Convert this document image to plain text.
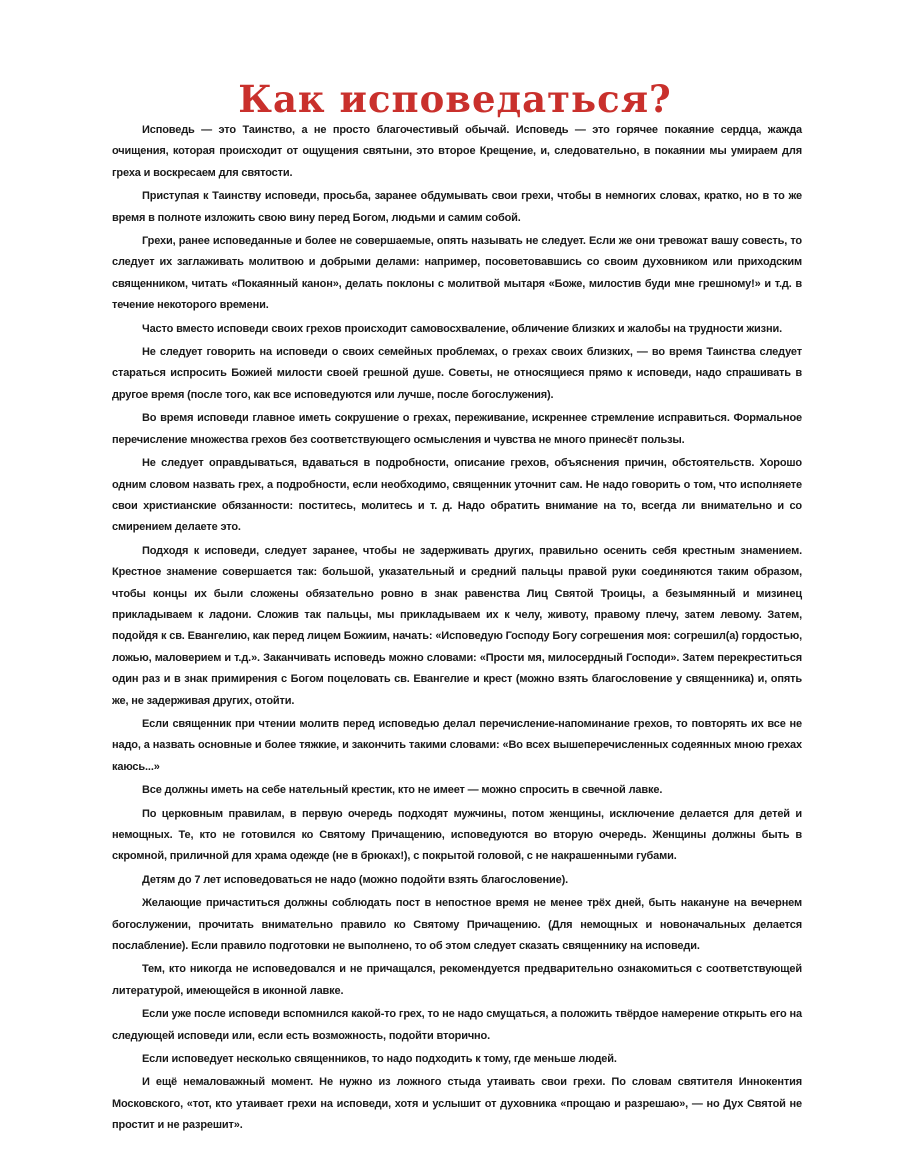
Как исповедаться?

Исповедь — это Таинство, а не просто благочестивый обычай. Исповедь — это горячее покаяние сердца, жажда очищения, которая происходит от ощущения святыни, это второе Крещение, и, следовательно, в покаянии мы умираем для греха и воскресаем для святости.

Приступая к Таинству исповеди, просьба, заранее обдумывать свои грехи, чтобы в немногих словах, кратко, но в то же время в полноте изложить свою вину перед Богом, людьми и самим собой.

Грехи, ранее исповеданные и более не совершаемые, опять называть не следует. Если же они тревожат вашу совесть, то следует их заглаживать молитвою и добрыми делами: например, посоветовавшись со своим духовником или приходским священником, читать «Покаянный канон», делать поклоны с молитвой мытаря «Боже, милостив буди мне грешному!» и т.д. в течение некоторого времени.

Часто вместо исповеди своих грехов происходит самовосхваление, обличение близких и жалобы на трудности жизни.

Не следует говорить на исповеди о своих семейных проблемах, о грехах своих близких, — во время Таинства следует стараться испросить Божией милости своей грешной душе. Советы, не относящиеся прямо к исповеди, надо спрашивать в другое время (после того, как все исповедуются или лучше, после богослужения).

Во время исповеди главное иметь сокрушение о грехах, переживание, искреннее стремление исправиться. Формальное перечисление множества грехов без соответствующего осмысления и чувства не много принесёт пользы.

Не следует оправдываться, вдаваться в подробности, описание грехов, объяснения причин, обстоятельств. Хорошо одним словом назвать грех, а подробности, если необходимо, священник уточнит сам. Не надо говорить о том, что исполняете свои христианские обязанности: поститесь, молитесь и т. д. Надо обратить внимание на то, всегда ли внимательно и со смирением делаете это.

Подходя к исповеди, следует заранее, чтобы не задерживать других, правильно осенить себя крестным знамением. Крестное знамение совершается так: большой, указательный и средний пальцы правой руки соединяются таким образом, чтобы концы их были сложены обязательно ровно в знак равенства Лиц Святой Троицы, а безымянный и мизинец прикладываем к ладони. Сложив так пальцы, мы прикладываем их к челу, животу, правому плечу, затем левому. Затем, подойдя к св. Евангелию, как перед лицем Божиим, начать: «Исповедую Господу Богу согрешения моя: согрешил(а) гордостью, ложью, маловерием и т.д.». Заканчивать исповедь можно словами: «Прости мя, милосердный Господи». Затем перекреститься один раз и в знак примирения с Богом поцеловать св. Евангелие и крест (можно взять благословение у священника) и, опять же, не задерживая других, отойти.

Если священник при чтении молитв перед исповедью делал перечисление-напоминание грехов, то повторять их все не надо, а назвать основные и более тяжкие, и закончить такими словами: «Во всех вышеперечисленных содеянных мною грехах каюсь...»

Все должны иметь на себе нательный крестик, кто не имеет — можно спросить в свечной лавке.

По церковным правилам, в первую очередь подходят мужчины, потом женщины, исключение делается для детей и немощных. Те, кто не готовился ко Святому Причащению, исповедуются во вторую очередь. Женщины должны быть в скромной, приличной для храма одежде (не в брюках!), с покрытой головой, с не накрашенными губами.

Детям до 7 лет исповедоваться не надо (можно подойти взять благословение).

Желающие причаститься должны соблюдать пост в непостное время не менее трёх дней, быть накануне на вечернем богослужении, прочитать внимательно правило ко Святому Причащению. (Для немощных и новоначальных делается послабление). Если правило подготовки не выполнено, то об этом следует сказать священнику на исповеди.

Тем, кто никогда не исповедовался и не причащался, рекомендуется предварительно ознакомиться с соответствующей литературой, имеющейся в иконной лавке.

Если уже после исповеди вспомнился какой-то грех, то не надо смущаться, а положить твёрдое намерение открыть его на следующей исповеди или, если есть возможность, подойти вторично.

Если исповедует несколько священников, то надо подходить к тому, где меньше людей.

И ещё немаловажный момент. Не нужно из ложного стыда утаивать свои грехи. По словам святителя Иннокентия Московского, «тот, кто утаивает грехи на исповеди, хотя и услышит от духовника «прощаю и разрешаю», — но Дух Святой не простит и не разрешит».
